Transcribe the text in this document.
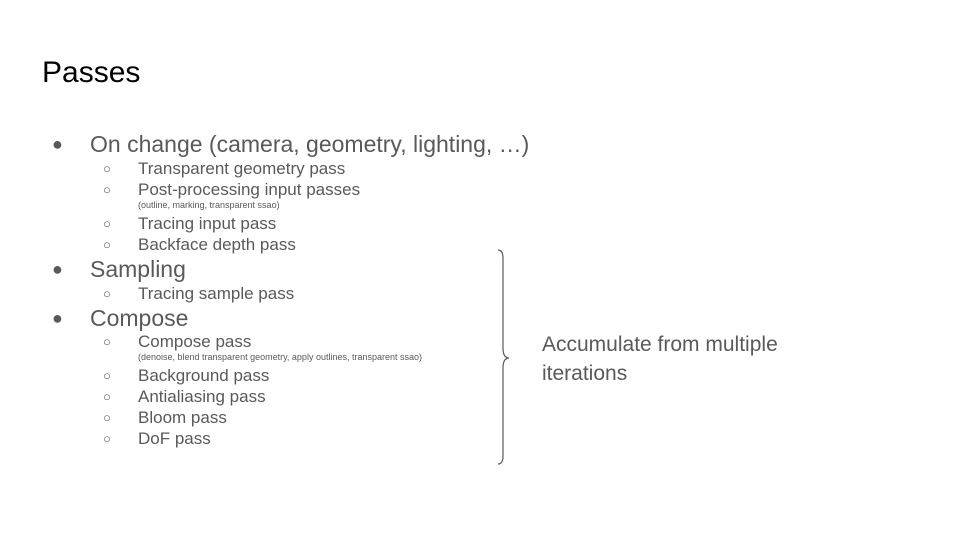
Passes
● On change (camera, geometry, lighting, …)
○ Transparent geometry pass
○ Post-processing input passes
(outline, marking, transparent ssao)
○ Tracing input pass
○ Backface depth pass
● Sampling
○ Tracing sample pass
● Compose
○ Compose pass
(denoise, blend transparent geometry, apply outlines, transparent ssao)
○ Background pass
○ Antialiasing pass
○ Bloom pass
○ DoF pass
Accumulate from multiple iterations
